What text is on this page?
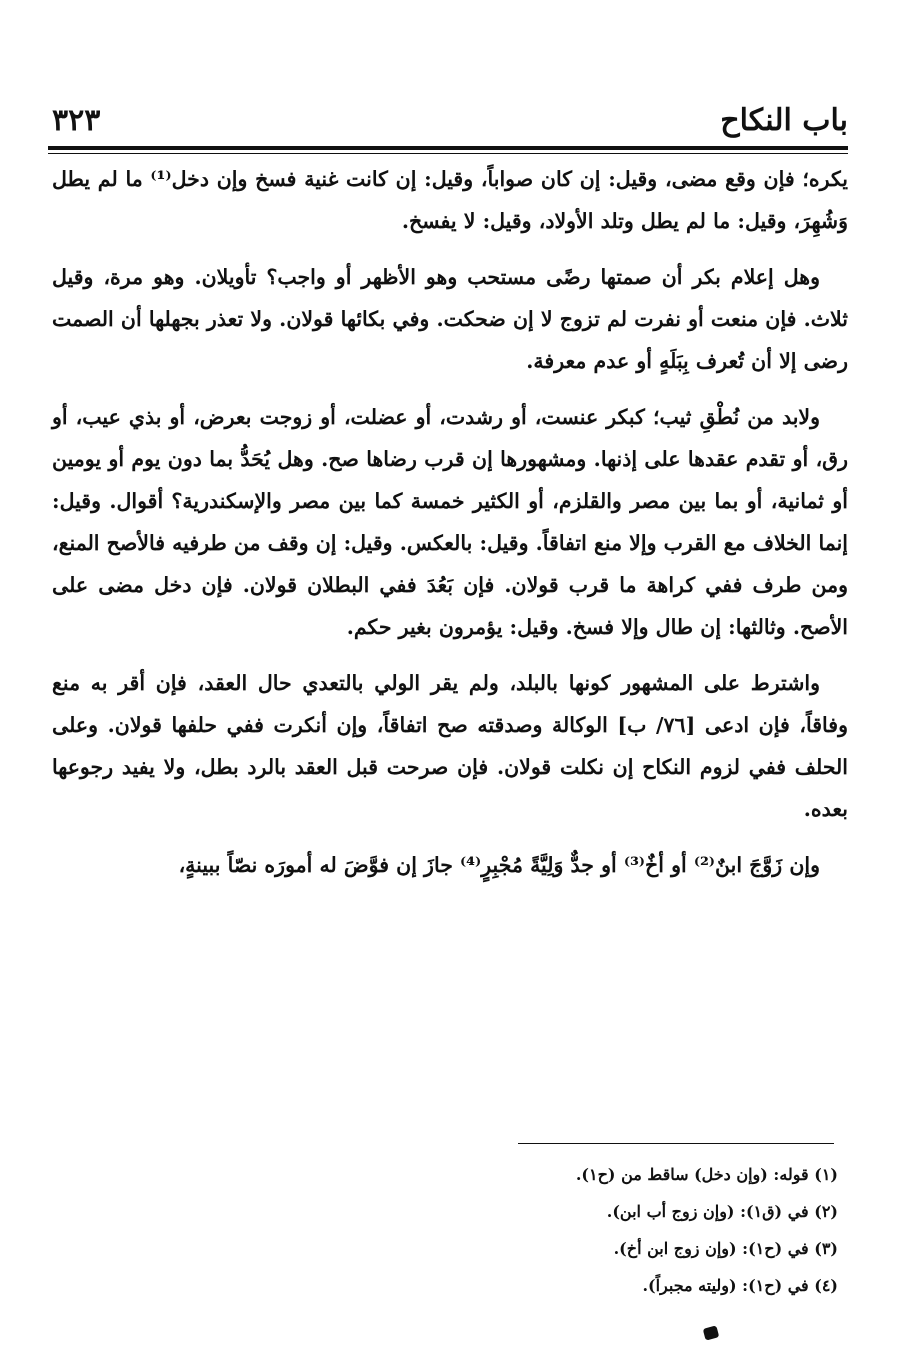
٣٢٣	باب النكاح

يكره؛ فإن وقع مضى، وقيل: إن كان صواباً، وقيل: إن كانت غنية فسخ وإن دخل⁽¹⁾ ما لم يطل وَشُهِرَ، وقيل: ما لم يطل وتلد الأولاد، وقيل: لا يفسخ.

وهل إعلام بكر أن صمتها رضًى مستحب وهو الأظهر أو واجب؟ تأويلان. وهو مرة، وقيل ثلاث. فإن منعت أو نفرت لم تزوج لا إن ضحكت. وفي بكائها قولان. ولا تعذر بجهلها أن الصمت رضى إلا أن تُعرف بِبَلَهٍ أو عدم معرفة.

ولابد من نُطْقِ ثيب؛ كبكر عنست، أو رشدت، أو عضلت، أو زوجت بعرض، أو بذي عيب، أو رق، أو تقدم عقدها على إذنها. ومشهورها إن قرب رضاها صح. وهل يُحَدُّ بما دون يوم أو يومين أو ثمانية، أو بما بين مصر والقلزم، أو الكثير خمسة كما بين مصر والإسكندرية؟ أقوال. وقيل: إنما الخلاف مع القرب وإلا منع اتفاقاً. وقيل: بالعكس. وقيل: إن وقف من طرفيه فالأصح المنع، ومن طرف ففي كراهة ما قرب قولان. فإن بَعُدَ ففي البطلان قولان. فإن دخل مضى على الأصح. وثالثها: إن طال وإلا فسخ. وقيل: يؤمرون بغير حكم.

واشترط على المشهور كونها بالبلد، ولم يقر الولي بالتعدي حال العقد، فإن أقر به منع وفاقاً، فإن ادعى [٧٦/ ب] الوكالة وصدقته صح اتفاقاً، وإن أنكرت ففي حلفها قولان. وعلى الحلف ففي لزوم النكاح إن نكلت قولان. فإن صرحت قبل العقد بالرد بطل، ولا يفيد رجوعها بعده.

وإن زَوَّجَ ابنٌ⁽²⁾ أو أخٌ⁽³⁾ أو جدٌّ وَلِيَّةً مُجْبِرٍ⁽⁴⁾ جازَ إن فوَّضَ له أمورَه نصّاً ببينةٍ،

(١) قوله: (وإن دخل) ساقط من (ح١).
(٢) في (ق١): (وإن زوج أب ابن).
(٣) في (ح١): (وإن زوج ابن أخ).
(٤) في (ح١): (وليته مجبراً).
